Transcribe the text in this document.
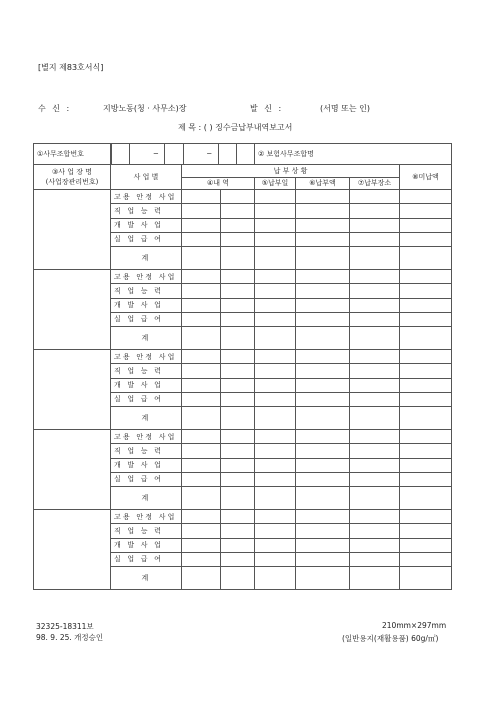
[별지 제83호서식]
수 신 :	지방노동(청 · 사무소)장	발 신 :	(서명 또는 인)
제 목 : ( ) 징수금납부내역보고서
①사무조합번호	─ ─			② 보험사무조합명			

③사 업 장 명
(사업장관리번호)	사 업 별	납 부 상 황					⑧미납액
		④내 역		⑤납부일	⑥납부액	⑦납부장소	
	고용 안정 사업						
	직 업 능 력						
	개 발 사 업						
	실 업 급 여						
	계						
	고용 안정 사업						
	직 업 능 력						
	개 발 사 업						
	실 업 급 여						
	계						
	고용 안정 사업						
	직 업 능 력						
	개 발 사 업						
	실 업 급 여						
	계						
	고용 안정 사업						
	직 업 능 력						
	개 발 사 업						
	실 업 급 여						
	계						
	고용 안정 사업						
	직 업 능 력						
	개 발 사 업						
	실 업 급 여						
	계						
32325-18311보
98. 9. 25. 개정승인
210mm×297mm
(일반용지(재활용품) 60g/㎡)
